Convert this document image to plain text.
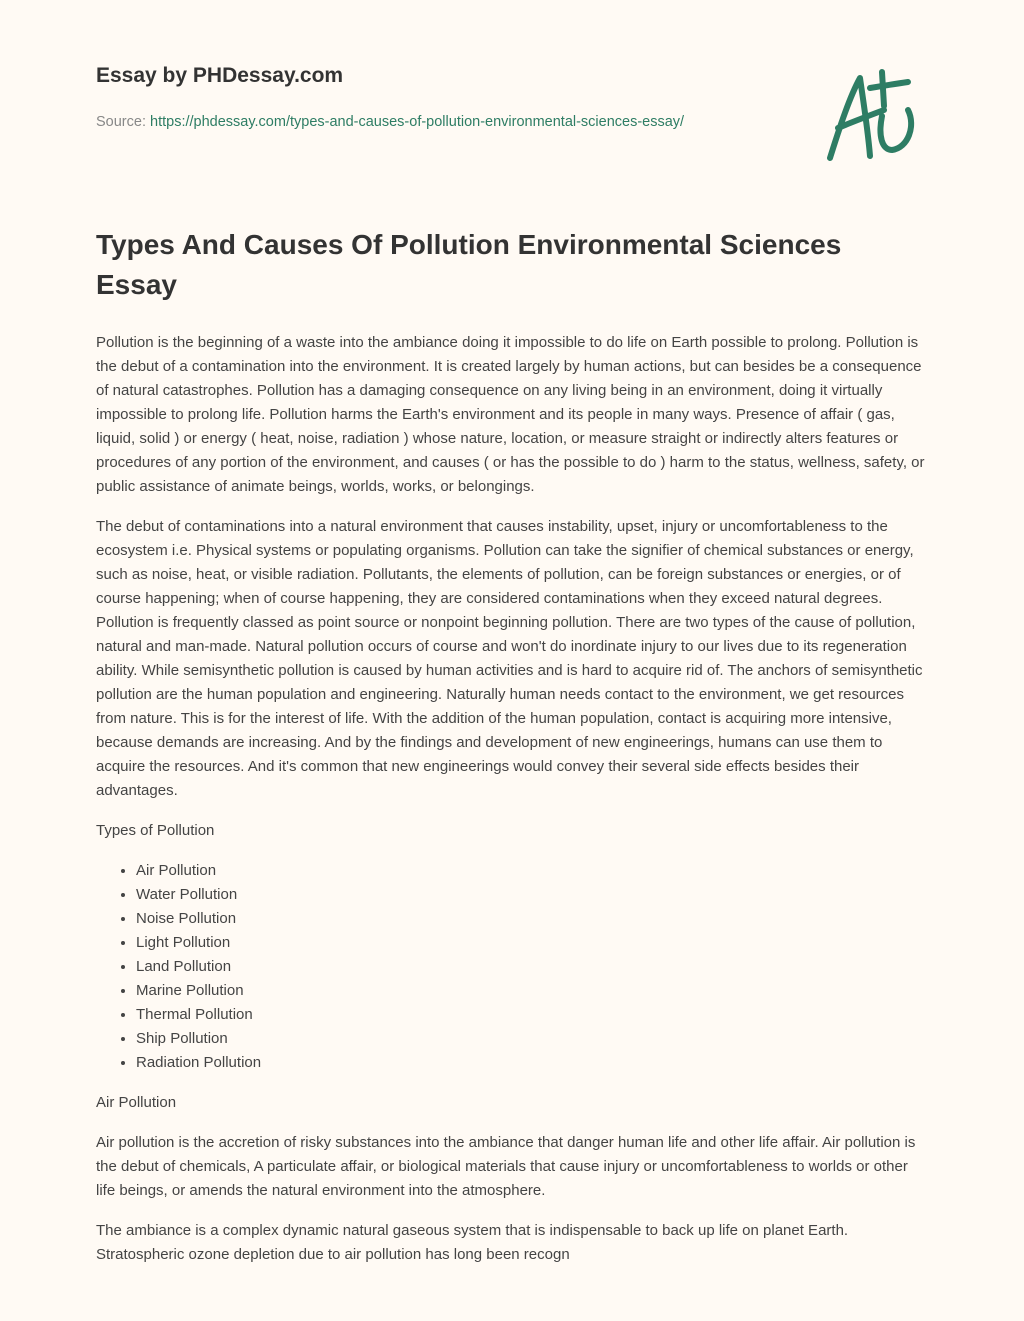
Essay by PHDessay.com
Source: https://phdessay.com/types-and-causes-of-pollution-environmental-sciences-essay/
Types And Causes Of Pollution Environmental Sciences Essay

Pollution is the beginning of a waste into the ambiance doing it impossible to do life on Earth possible to prolong. Pollution is the debut of a contamination into the environment. It is created largely by human actions, but can besides be a consequence of natural catastrophes. Pollution has a damaging consequence on any living being in an environment, doing it virtually impossible to prolong life. Pollution harms the Earth's environment and its people in many ways. Presence of affair ( gas, liquid, solid ) or energy ( heat, noise, radiation ) whose nature, location, or measure straight or indirectly alters features or procedures of any portion of the environment, and causes ( or has the possible to do ) harm to the status, wellness, safety, or public assistance of animate beings, worlds, works, or belongings.

The debut of contaminations into a natural environment that causes instability, upset, injury or uncomfortableness to the ecosystem i.e. Physical systems or populating organisms. Pollution can take the signifier of chemical substances or energy, such as noise, heat, or visible radiation. Pollutants, the elements of pollution, can be foreign substances or energies, or of course happening; when of course happening, they are considered contaminations when they exceed natural degrees. Pollution is frequently classed as point source or nonpoint beginning pollution. There are two types of the cause of pollution, natural and man-made. Natural pollution occurs of course and won't do inordinate injury to our lives due to its regeneration ability. While semisynthetic pollution is caused by human activities and is hard to acquire rid of. The anchors of semisynthetic pollution are the human population and engineering. Naturally human needs contact to the environment, we get resources from nature. This is for the interest of life. With the addition of the human population, contact is acquiring more intensive, because demands are increasing. And by the findings and development of new engineerings, humans can use them to acquire the resources. And it's common that new engineerings would convey their several side effects besides their advantages.

Types of Pollution

• Air Pollution
• Water Pollution
• Noise Pollution
• Light Pollution
• Land Pollution
• Marine Pollution
• Thermal Pollution
• Ship Pollution
• Radiation Pollution

Air Pollution

Air pollution is the accretion of risky substances into the ambiance that danger human life and other life affair. Air pollution is the debut of chemicals, A particulate affair, or biological materials that cause injury or uncomfortableness to worlds or other life beings, or amends the natural environment into the atmosphere.

The ambiance is a complex dynamic natural gaseous system that is indispensable to back up life on planet Earth. Stratospheric ozone depletion due to air pollution has long been recogn
